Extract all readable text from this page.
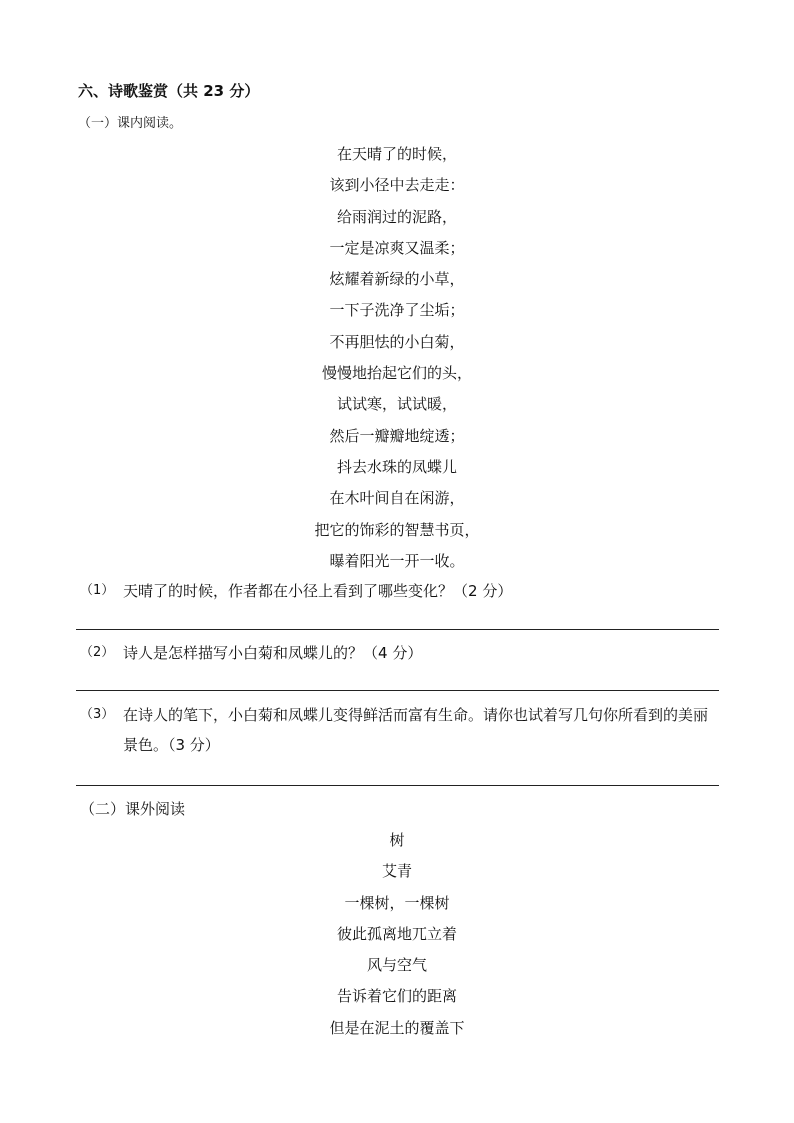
六、诗歌鉴赏（共 23 分）
（一）课内阅读。
在天晴了的时候，
该到小径中去走走：
给雨润过的泥路，
一定是凉爽又温柔；
炫耀着新绿的小草，
一下子洗净了尘垢；
不再胆怯的小白菊，
慢慢地抬起它们的头，
试试寒，试试暖，
然后一瓣瓣地绽透；
抖去水珠的凤蝶儿
在木叶间自在闲游，
把它的饰彩的智慧书页，
曝着阳光一开一收。
（1） 天晴了的时候，作者都在小径上看到了哪些变化？（2 分）
（2） 诗人是怎样描写小白菊和凤蝶儿的？（4 分）
（3） 在诗人的笔下，小白菊和凤蝶儿变得鲜活而富有生命。请你也试着写几句你所看到的美丽景色。（3 分）
（二）课外阅读
树
艾青
一棵树，一棵树
彼此孤离地兀立着
风与空气
告诉着它们的距离
但是在泥土的覆盖下
